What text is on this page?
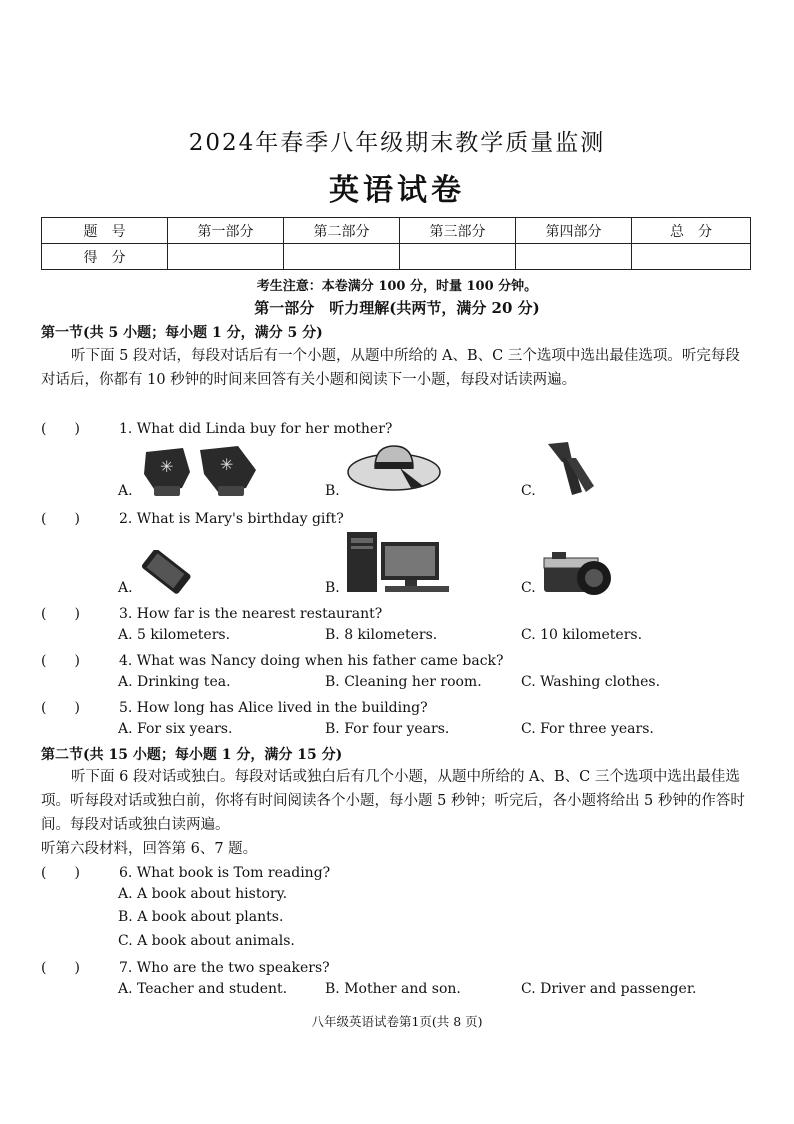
2024年春季八年级期末教学质量监测
英语试卷
题　号	第一部分	第二部分	第三部分	第四部分	总　分
得　分					
考生注意：本卷满分 100 分，时量 100 分钟。
第一部分　听力理解(共两节，满分 20 分)
第一节(共 5 小题；每小题 1 分，满分 5 分)
听下面 5 段对话，每段对话后有一个小题，从题中所给的 A、B、C 三个选项中选出最佳选项。听完每段对话后，你都有 10 秒钟的时间来回答有关小题和阅读下一小题，每段对话读两遍。
(　　)	1. What did Linda buy for her mother?
A.	B.	C.
✳	✳
(　　)	2. What is Mary's birthday gift?
A.	B.	C.
(　　)	3. How far is the nearest restaurant?
A. 5 kilometers.	B. 8 kilometers.	C. 10 kilometers.
(　　)	4. What was Nancy doing when his father came back?
A. Drinking tea.	B. Cleaning her room.	C. Washing clothes.
(　　)	5. How long has Alice lived in the building?
A. For six years.	B. For four years.	C. For three years.
第二节(共 15 小题；每小题 1 分，满分 15 分)
听下面 6 段对话或独白。每段对话或独白后有几个小题，从题中所给的 A、B、C 三个选项中选出最佳选项。听每段对话或独白前，你将有时间阅读各个小题，每小题 5 秒钟；听完后，各小题将给出 5 秒钟的作答时间。每段对话或独白读两遍。
听第六段材料，回答第 6、7 题。
(　　)	6. What book is Tom reading?
A. A book about history.
B. A book about plants.
C. A book about animals.
(　　)	7. Who are the two speakers?
A. Teacher and student.	B. Mother and son.	C. Driver and passenger.
八年级英语试卷第1页(共 8 页)
